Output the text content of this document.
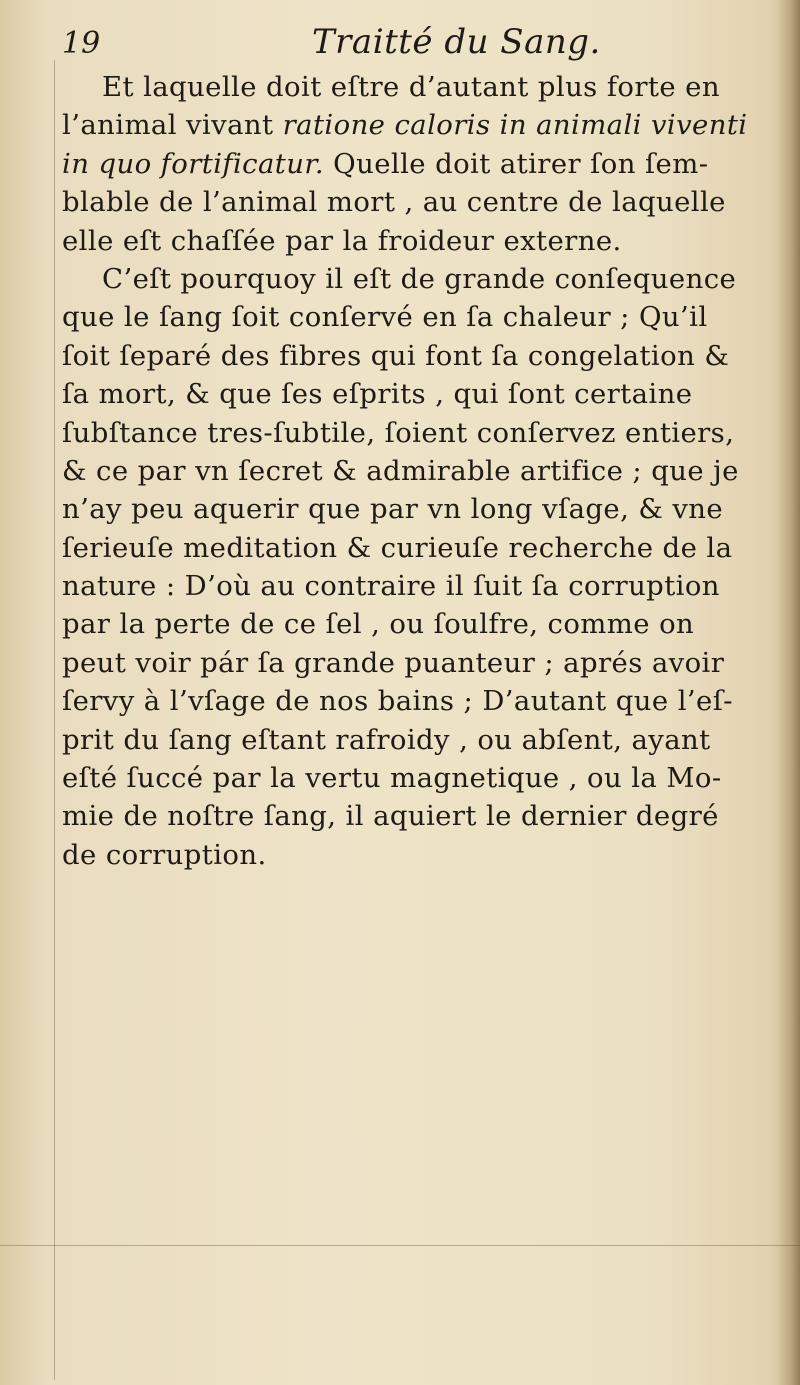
19	Traitté du Sang.
Et laquelle doit eſtre d’autant plus forte en
l’animal vivant ratione caloris in animali viventi
in quo fortificatur. Quelle doit atirer ſon ſem-
blable de l’animal mort , au centre de laquelle
elle eſt chaſſée par la froideur externe.
C’eſt pourquoy il eſt de grande conſequence
que le ſang ſoit conſervé en ſa chaleur ; Qu’il
ſoit ſeparé des fibres qui font ſa congelation &
ſa mort, & que ſes eſprits , qui ſont certaine
ſubſtance tres-ſubtile, ſoient conſervez entiers,
& ce par vn ſecret & admirable artifice ; que je
n’ay peu aquerir que par vn long vſage, & vne
ſerieuſe meditation & curieuſe recherche de la
nature : D’où au contraire il ſuit ſa corruption
par la perte de ce ſel , ou ſoulfre, comme on
peut voir pár ſa grande puanteur ; aprés avoir
ſervy à l’vſage de nos bains ; D’autant que l’eſ-
prit du ſang eſtant rafroidy , ou abſent, ayant
eſté ſuccé par la vertu magnetique , ou la Mo-
mie de noſtre ſang, il aquiert le dernier degré
de corruption.
